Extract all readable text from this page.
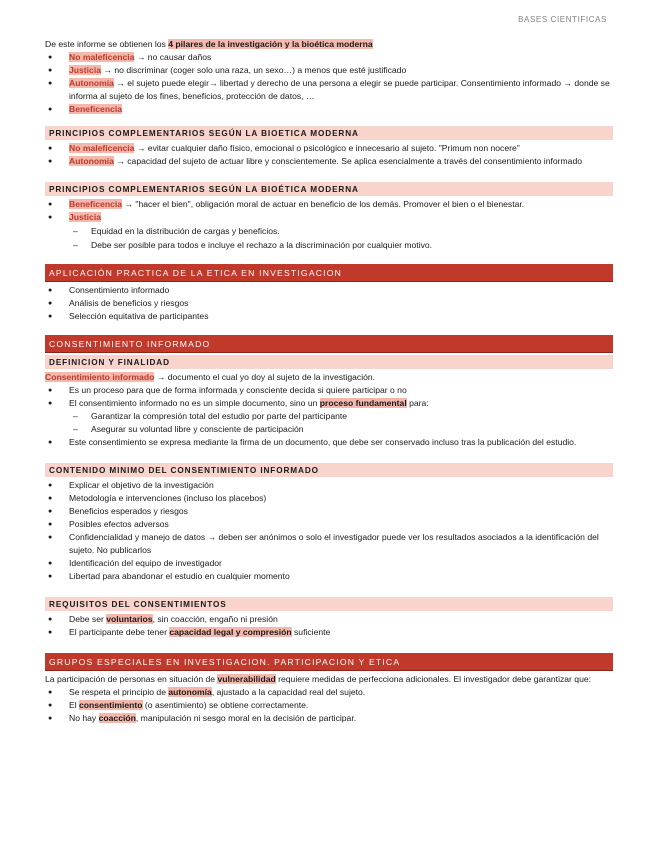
BASES CIENTIFICAS

De este informe se obtienen los 4 pilares de la investigación y la bioética moderna

● No maleficencia → no causar daños
● Justicia → no discriminar (coger solo una raza, un sexo…) a menos que esté justificado
● Autonomía → el sujeto puede elegir→ libertad y derecho de una persona a elegir se puede participar. Consentimiento informado → donde se informa al sujeto de los fines, beneficios, protección de datos, …
● Beneficencia
PRINCIPIOS COMPLEMENTARIOS SEGÚN LA BIOETICA MODERNA
● No maleficencia → evitar cualquier daño físico, emocional o psicológico e innecesario al sujeto. "Primum non nocere"
● Autonomía → capacidad del sujeto de actuar libre y conscientemente. Se aplica esencialmente a través del consentimiento informado
PRINCIPIOS COMPLEMENTARIOS SEGÚN LA BIOÉTICA MODERNA
● Beneficencia → "hacer el bien", obligación moral de actuar en beneficio de los demás. Promover el bien o el bienestar.
● Justicia
– Equidad en la distribución de cargas y beneficios.
– Debe ser posible para todos e incluye el rechazo a la discriminación por cualquier motivo.
APLICACIÓN PRACTICA DE LA ETICA EN INVESTIGACION
● Consentimiento informado
● Análisis de beneficios y riesgos
● Selección equitativa de participantes
CONSENTIMIENTO INFORMADO
DEFINICION Y FINALIDAD

Consentimiento informado → documento el cual yo doy al sujeto de la investigación.

● Es un proceso para que de forma informada y consciente decida si quiere participar o no
● El consentimiento informado no es un simple documento, sino un proceso fundamental para:
– Garantizar la compresión total del estudio por parte del participante
– Asegurar su voluntad libre y consciente de participación
● Este consentimiento se expresa mediante la firma de un documento, que debe ser conservado incluso tras la publicación del estudio.
CONTENIDO MINIMO DEL CONSENTIMIENTO INFORMADO
● Explicar el objetivo de la investigación
● Metodología e intervenciones (incluso los placebos)
● Beneficios esperados y riesgos
● Posibles efectos adversos
● Confidencialidad y manejo de datos → deben ser anónimos o solo el investigador puede ver los resultados asociados a la identificación del sujeto. No publicarlos
● Identificación del equipo de investigador
● Libertad para abandonar el estudio en cualquier momento
REQUISITOS DEL CONSENTIMIENTOS
● Debe ser voluntarios, sin coacción, engaño ni presión
● El participante debe tener capacidad legal y compresión suficiente
GRUPOS ESPECIALES EN INVESTIGACION. PARTICIPACION Y ETICA

La participación de personas en situación de vulnerabilidad requiere medidas de perfecciona adicionales. El investigador debe garantizar que:

● Se respeta el principio de autonomía, ajustado a la capacidad real del sujeto.
● El consentimiento (o asentimiento) se obtiene correctamente.
● No hay coacción, manipulación ni sesgo moral en la decisión de participar.
